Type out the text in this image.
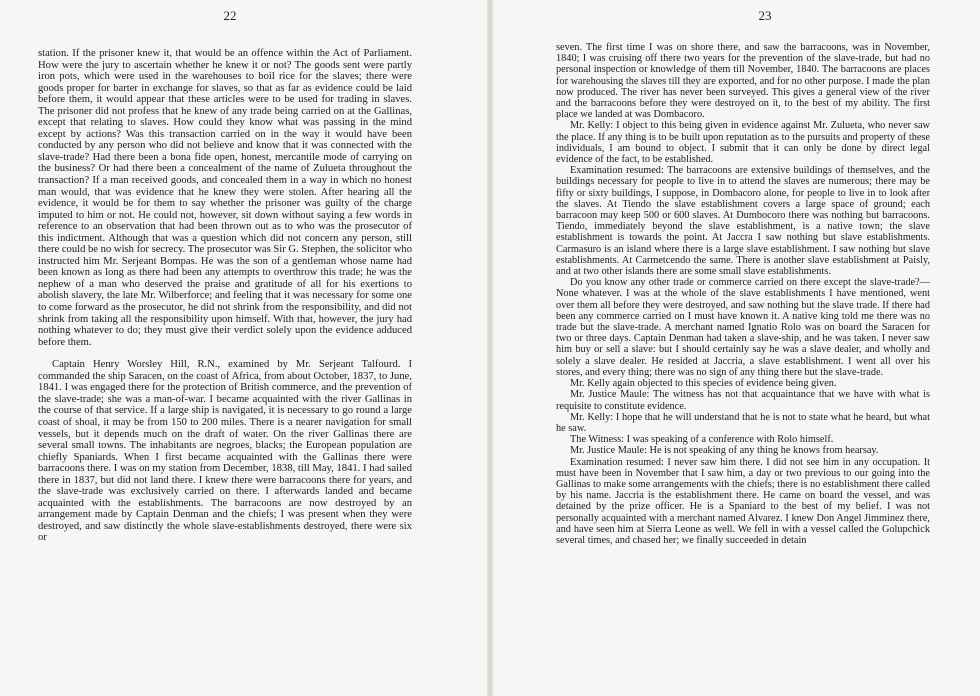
22

station. If the prisoner knew it, that would be an offence within the Act of Parliament. How were the jury to ascertain whether he knew it or not? The goods sent were partly iron pots, which were used in the warehouses to boil rice for the slaves; there were goods proper for barter in exchange for slaves, so that as far as evidence could be laid before them, it would appear that these articles were to be used for trading in slaves. The prisoner did not profess that he knew of any trade being carried on at the Gallinas, except that relating to slaves. How could they know what was passing in the mind except by actions? Was this transaction carried on in the way it would have been conducted by any person who did not believe and know that it was connected with the slave-trade? Had there been a bona fide open, honest, mercantile mode of carrying on the business? Or had there been a concealment of the name of Zulueta throughout the transaction? If a man received goods, and concealed them in a way in which no honest man would, that was evidence that he knew they were stolen. After hearing all the evidence, it would be for them to say whether the prisoner was guilty of the charge imputed to him or not. He could not, however, sit down without saying a few words in reference to an observation that had been thrown out as to who was the prosecutor of this indictment. Although that was a question which did not concern any person, still there could be no wish for secrecy. The prosecutor was Sir G. Stephen, the solicitor who instructed him Mr. Serjeant Bompas. He was the son of a gentleman whose name had been known as long as there had been any attempts to overthrow this trade; he was the nephew of a man who deserved the praise and gratitude of all for his exertions to abolish slavery, the late Mr. Wilberforce; and feeling that it was necessary for some one to come forward as the prosecutor, he did not shrink from the responsibility, and did not shrink from taking all the responsibility upon himself. With that, however, the jury had nothing whatever to do; they must give their verdict solely upon the evidence adduced before them.

Captain Henry Worsley Hill, R.N., examined by Mr. Serjeant Talfourd. I commanded the ship Saracen, on the coast of Africa, from about October, 1837, to June, 1841. I was engaged there for the protection of British commerce, and the prevention of the slave-trade; she was a man-of-war. I became acquainted with the river Gallinas in the course of that service. If a large ship is navigated, it is necessary to go round a large coast of shoal, it may be from 150 to 200 miles. There is a nearer navigation for small vessels, but it depends much on the draft of water. On the river Gallinas there are several small towns. The inhabitants are negroes, blacks; the European population are chiefly Spaniards. When I first became acquainted with the Gallinas there were barracoons there. I was on my station from December, 1838, till May, 1841. I had sailed there in 1837, but did not land there. I knew there were barracoons there for years, and the slave-trade was exclusively carried on there. I afterwards landed and became acquainted with the establishments. The barracoons are now destroyed by an arrangement made by Captain Denman and the chiefs; I was present when they were destroyed, and saw distinctly the whole slave-establishments destroyed, there were six or

23

seven. The first time I was on shore there, and saw the barracoons, was in November, 1840; I was cruising off there two years for the prevention of the slave-trade, but had no personal inspection or knowledge of them till November, 1840. The barracoons are places for warehousing the slaves till they are exported, and for no other purpose. I made the plan now produced. The river has never been surveyed. This gives a general view of the river and the barracoons before they were destroyed on it, to the best of my ability. The first place we landed at was Dombacoro.

Mr. Kelly: I object to this being given in evidence against Mr. Zulueta, who never saw the place. If any thing is to be built upon reputation as to the pursuits and property of these individuals, I am bound to object. I submit that it can only be done by direct legal evidence of the fact, to be established.

Examination resumed: The barracoons are extensive buildings of themselves, and the buildings necessary for people to live in to attend the slaves are numerous; there may be fifty or sixty buildings, I suppose, in Dombacoro alone, for people to live in to look after the slaves. At Tiendo the slave establishment covers a large space of ground; each barracoon may keep 500 or 600 slaves. At Dumbocoro there was nothing but barracoons. Tiendo, immediately beyond the slave establishment, is a native town; the slave establishment is towards the point. At Jaccra I saw nothing but slave establishments. Carmasuro is an island where there is a large slave establishment. I saw nothing but slave establishments. At Carmetcendo the same. There is another slave establishment at Paisly, and at two other islands there are some small slave establishments.

Do you know any other trade or commerce carried on there except the slave-trade?—None whatever. I was at the whole of the slave establishments I have mentioned, went over them all before they were destroyed, and saw nothing but the slave trade. If there had been any commerce carried on I must have known it. A native king told me there was no trade but the slave-trade. A merchant named Ignatio Rolo was on board the Saracen for two or three days. Captain Denman had taken a slave-ship, and he was taken. I never saw him buy or sell a slave: but I should certainly say he was a slave dealer, and wholly and solely a slave dealer. He resided at Jaccria, a slave establishment. I went all over his stores, and every thing; there was no sign of any thing there but the slave-trade.

Mr. Kelly again objected to this species of evidence being given.

Mr. Justice Maule: The witness has not that acquaintance that we have with what is requisite to constitute evidence.

Mr. Kelly: I hope that he will understand that he is not to state what he heard, but what he saw.

The Witness: I was speaking of a conference with Rolo himself.

Mr. Justice Maule: He is not speaking of any thing he knows from hearsay.

Examination resumed: I never saw him there. I did not see him in any occupation. It must have been in November that I saw him, a day or two previous to our going into the Gallinas to make some arrangements with the chiefs; there is no establishment there called by his name. Jaccria is the establishment there. He came on board the vessel, and was detained by the prize officer. He is a Spaniard to the best of my belief. I was not personally acquainted with a merchant named Alvarez. I knew Don Angel Jimminez there, and have seen him at Sierra Leone as well. We fell in with a vessel called the Golupchick several times, and chased her; we finally succeeded in detain
